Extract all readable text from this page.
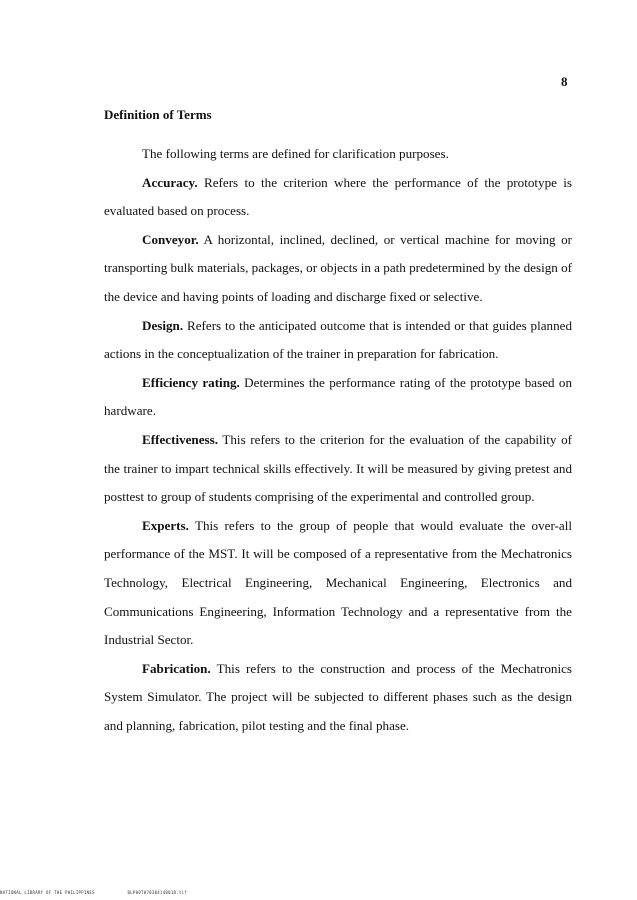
8
Definition of Terms

The following terms are defined for clarification purposes.

Accuracy. Refers to the criterion where the performance of the prototype is evaluated based on process.

Conveyor. A horizontal, inclined, declined, or vertical machine for moving or transporting bulk materials, packages, or objects in a path predetermined by the design of the device and having points of loading and discharge fixed or selective.

Design. Refers to the anticipated outcome that is intended or that guides planned actions in the conceptualization of the trainer in preparation for fabrication.

Efficiency rating. Determines the performance rating of the prototype based on hardware.

Effectiveness. This refers to the criterion for the evaluation of the capability of the trainer to impart technical skills effectively. It will be measured by giving pretest and posttest to group of students comprising of the experimental and controlled group.

Experts. This refers to the group of people that would evaluate the over-all performance of the MST. It will be composed of a representative from the Mechatronics Technology, Electrical Engineering, Mechanical Engineering, Electronics and Communications Engineering, Information Technology and a representative from the Industrial Sector.

Fabrication. This refers to the construction and process of the Mechatronics System Simulator. The project will be subjected to different phases such as the design and planning, fabrication, pilot testing and the final phase.

NATIONAL LIBRARY OF THE PHILIPPINES	BLP00T07030414801B.tif
